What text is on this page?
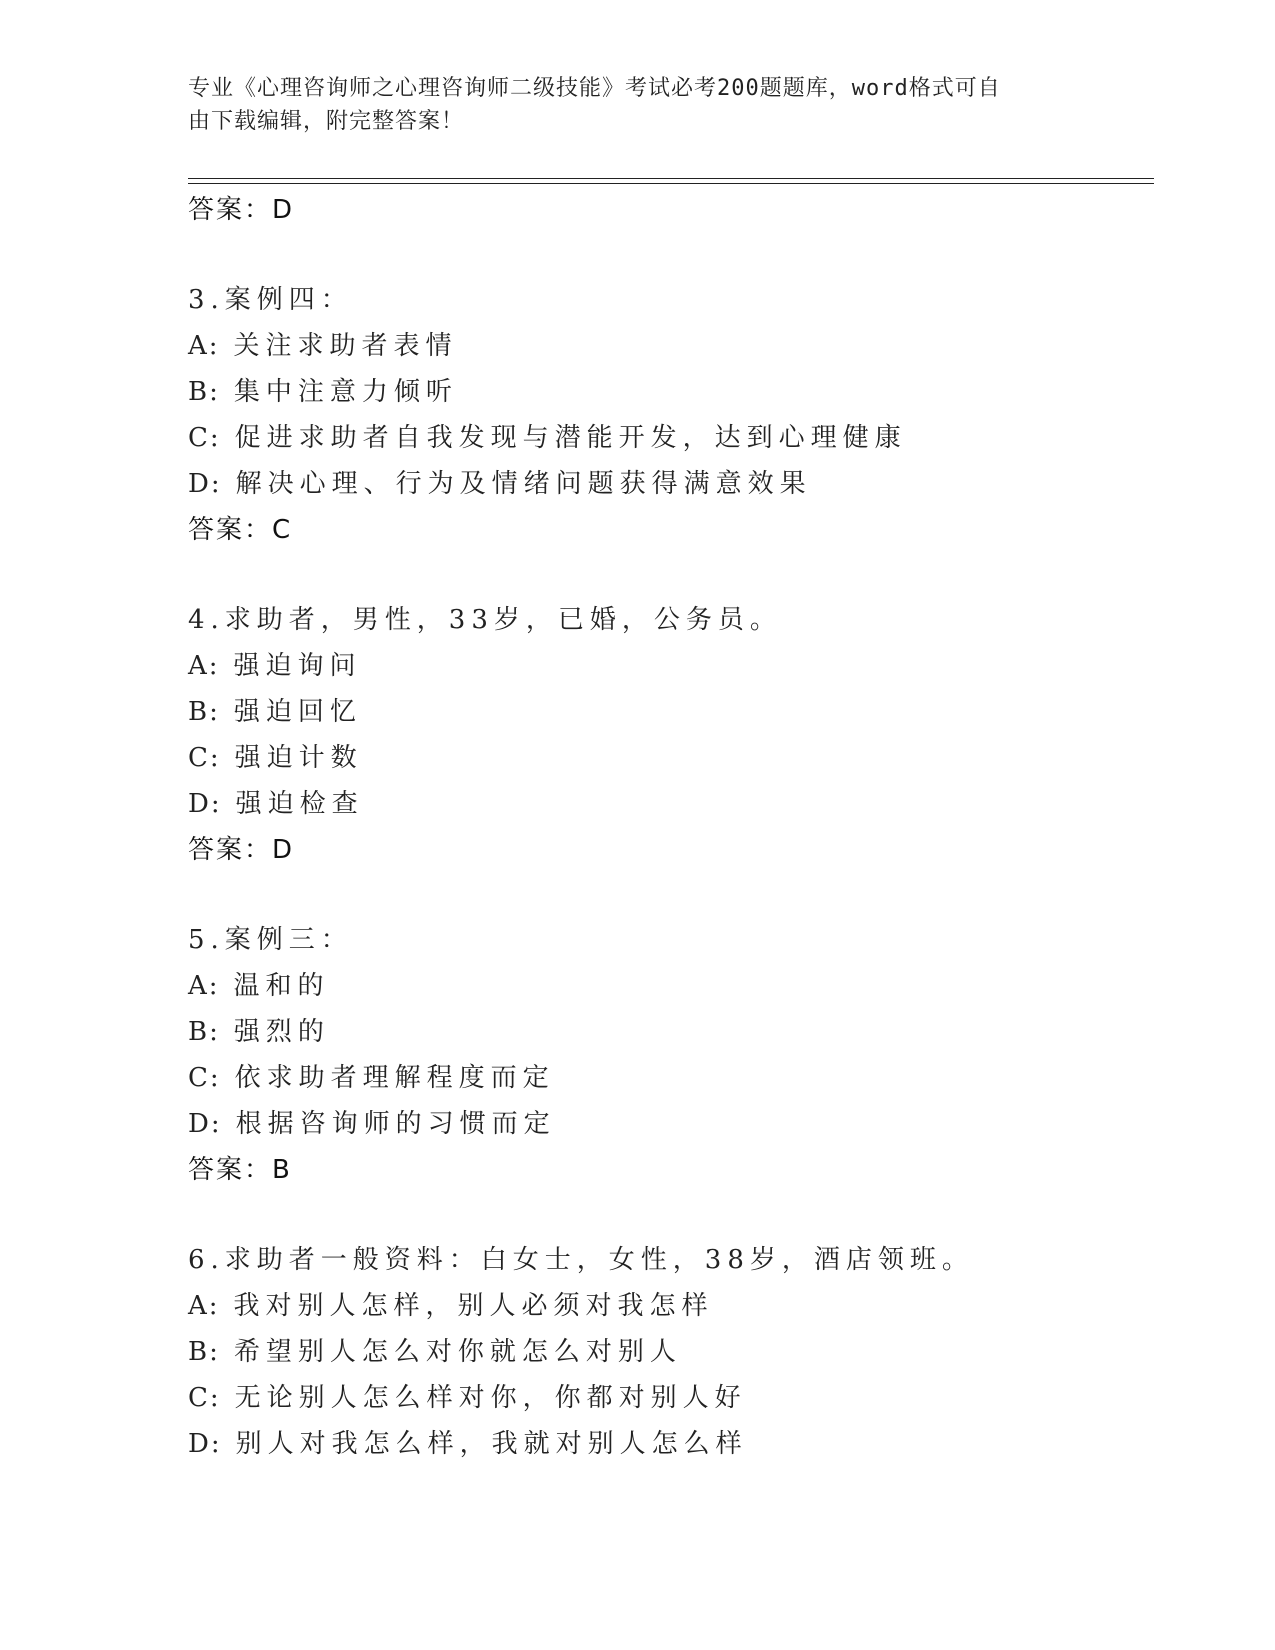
专业《心理咨询师之心理咨询师二级技能》考试必考200题题库，word格式可自
由下载编辑，附完整答案！
答案：D
3.案例四：
A: 关注求助者表情
B: 集中注意力倾听
C: 促进求助者自我发现与潜能开发，达到心理健康
D: 解决心理、行为及情绪问题获得满意效果
答案：C
4.求助者，男性，33岁，已婚，公务员。
A: 强迫询问
B: 强迫回忆
C: 强迫计数
D: 强迫检查
答案：D
5.案例三：
A: 温和的
B: 强烈的
C: 依求助者理解程度而定
D: 根据咨询师的习惯而定
答案：B
6.求助者一般资料：白女士，女性，38岁，酒店领班。
A: 我对别人怎样，别人必须对我怎样
B: 希望别人怎么对你就怎么对别人
C: 无论别人怎么样对你，你都对别人好
D: 别人对我怎么样，我就对别人怎么样
